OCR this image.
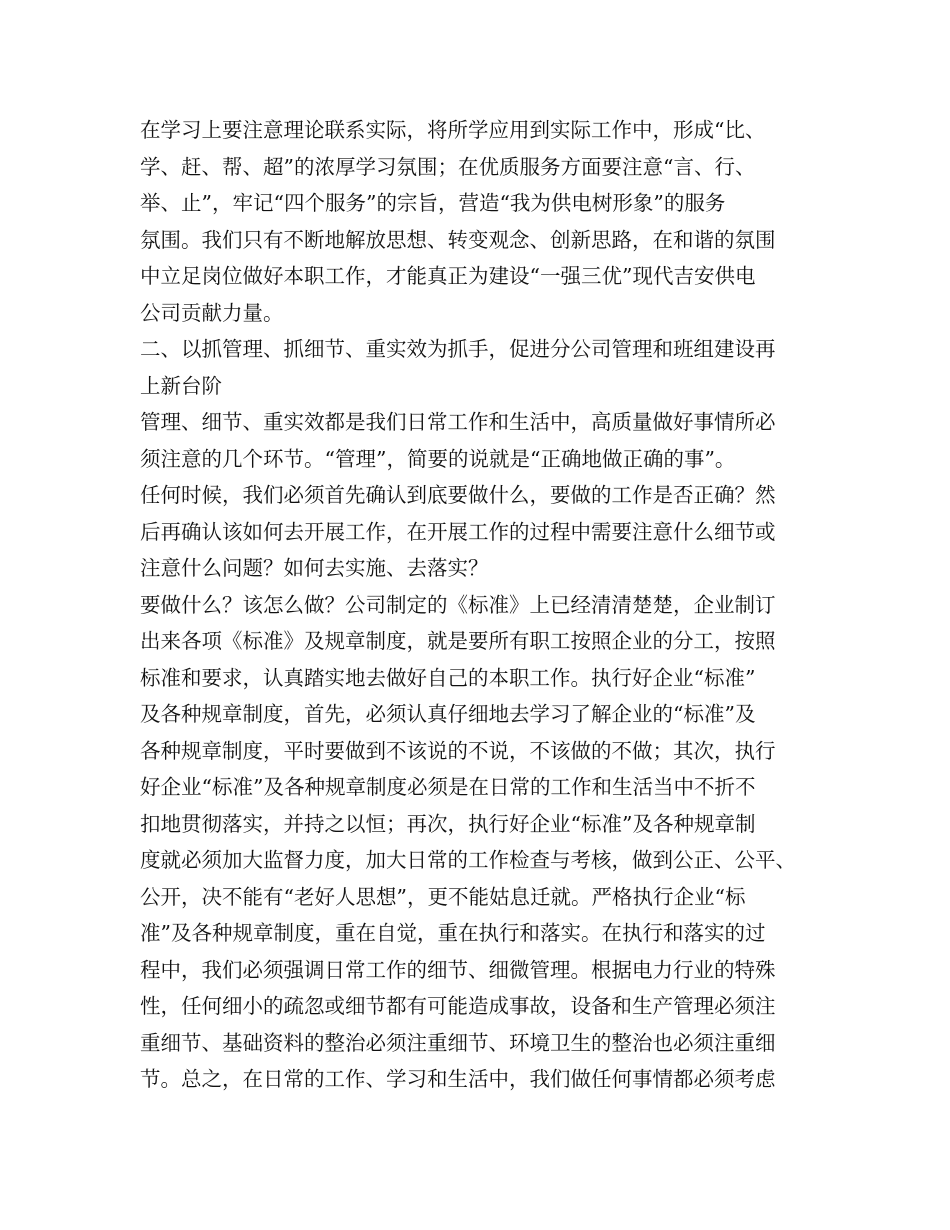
在学习上要注意理论联系实际，将所学应用到实际工作中，形成“比、
学、赶、帮、超”的浓厚学习氛围；在优质服务方面要注意“言、行、
举、止”，牢记“四个服务”的宗旨，营造“我为供电树形象”的服务
氛围。我们只有不断地解放思想、转变观念、创新思路，在和谐的氛围
中立足岗位做好本职工作，才能真正为建设“一强三优”现代吉安供电
公司贡献力量。
二、以抓管理、抓细节、重实效为抓手，促进分公司管理和班组建设再
上新台阶
管理、细节、重实效都是我们日常工作和生活中，高质量做好事情所必
须注意的几个环节。“管理”，简要的说就是“正确地做正确的事”。
任何时候，我们必须首先确认到底要做什么，要做的工作是否正确？然
后再确认该如何去开展工作，在开展工作的过程中需要注意什么细节或
注意什么问题？如何去实施、去落实？
要做什么？该怎么做？公司制定的《标准》上已经清清楚楚，企业制订
出来各项《标准》及规章制度，就是要所有职工按照企业的分工，按照
标准和要求，认真踏实地去做好自己的本职工作。执行好企业“标准”
及各种规章制度，首先，必须认真仔细地去学习了解企业的“标准”及
各种规章制度，平时要做到不该说的不说，不该做的不做；其次，执行
好企业“标准”及各种规章制度必须是在日常的工作和生活当中不折不
扣地贯彻落实，并持之以恒；再次，执行好企业“标准”及各种规章制
度就必须加大监督力度，加大日常的工作检查与考核，做到公正、公平、
公开，决不能有“老好人思想”，更不能姑息迁就。严格执行企业“标
准”及各种规章制度，重在自觉，重在执行和落实。在执行和落实的过
程中，我们必须强调日常工作的细节、细微管理。根据电力行业的特殊
性，任何细小的疏忽或细节都有可能造成事故，设备和生产管理必须注
重细节、基础资料的整治必须注重细节、环境卫生的整治也必须注重细
节。总之，在日常的工作、学习和生活中，我们做任何事情都必须考虑
